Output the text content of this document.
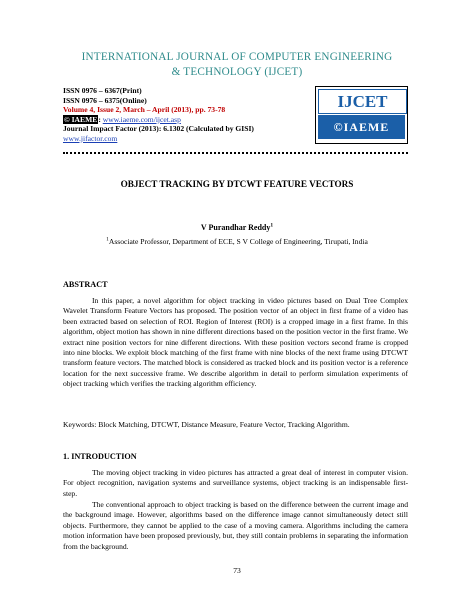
INTERNATIONAL JOURNAL OF COMPUTER ENGINEERING
& TECHNOLOGY (IJCET)
ISSN 0976 – 6367(Print)
ISSN 0976 – 6375(Online)
Volume 4, Issue 2, March – April (2013), pp. 73-78
© IAEME: www.iaeme.com/ijcet.asp
Journal Impact Factor (2013): 6.1302 (Calculated by GISI)
www.jifactor.com
IJCET
©IAEME
OBJECT TRACKING BY DTCWT FEATURE VECTORS
V Purandhar Reddy$^1$
$^1$Associate Professor, Department of ECE, S V College of Engineering, Tirupati, India
ABSTRACT
In this paper, a novel algorithm for object tracking in video pictures based on Dual Tree Complex Wavelet Transform Feature Vectors has proposed. The position vector of an object in first frame of a video has been extracted based on selection of ROI. Region of Interest (ROI) is a cropped image in a first frame. In this algorithm, object motion has shown in nine different directions based on the position vector in the first frame. We extract nine position vectors for nine different directions. With these position vectors second frame is cropped into nine blocks. We exploit block matching of the first frame with nine blocks of the next frame using DTCWT transform feature vectors. The matched block is considered as tracked block and its position vector is a reference location for the next successive frame. We describe algorithm in detail to perform simulation experiments of object tracking which verifies the tracking algorithm efficiency.
Keywords: Block Matching, DTCWT, Distance Measure, Feature Vector, Tracking Algorithm.
1. INTRODUCTION
The moving object tracking in video pictures has attracted a great deal of interest in computer vision. For object recognition, navigation systems and surveillance systems, object tracking is an indispensable first-step.
The conventional approach to object tracking is based on the difference between the current image and the background image. However, algorithms based on the difference image cannot simultaneously detect still objects. Furthermore, they cannot be applied to the case of a moving camera. Algorithms including the camera motion information have been proposed previously, but, they still contain problems in separating the information from the background.
73
